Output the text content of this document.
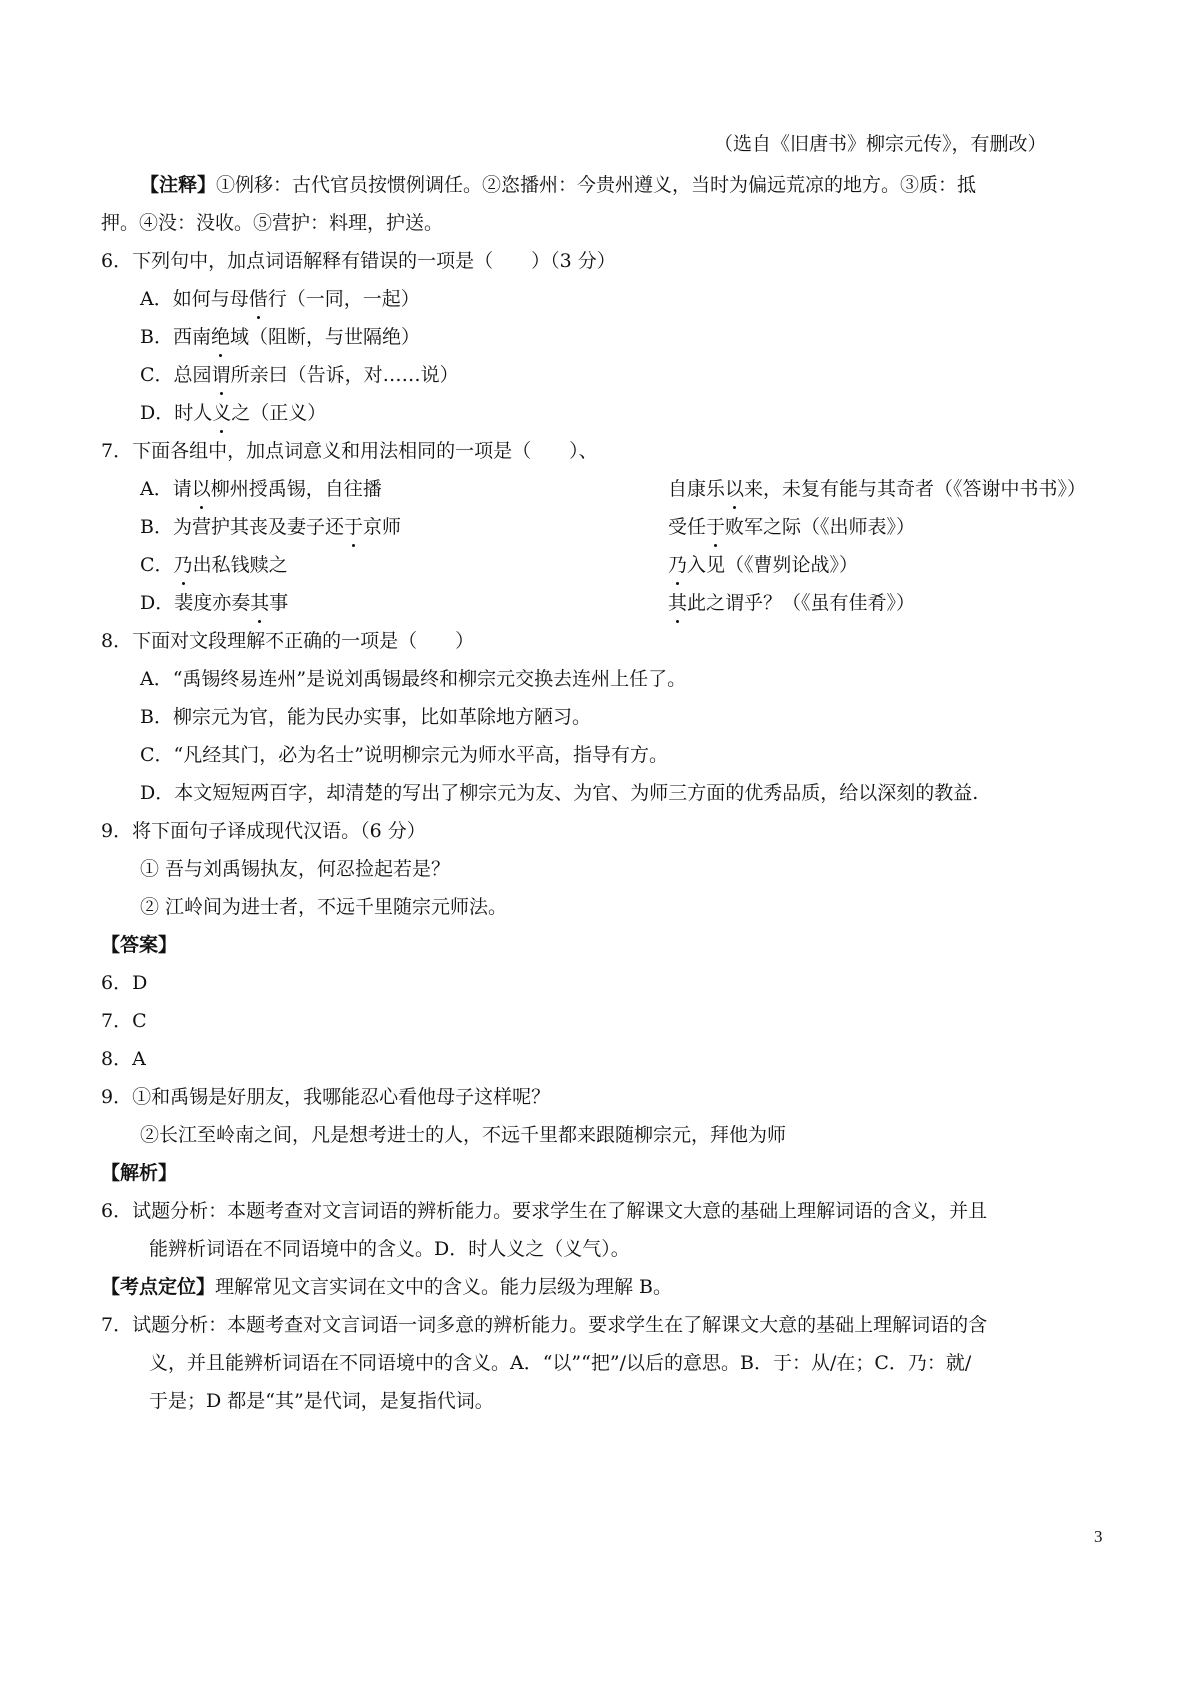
（选自《旧唐书》柳宗元传》，有删改）
【注释】①例移：古代官员按惯例调任。②恣播州：今贵州遵义，当时为偏远荒凉的地方。③质：抵
押。④没：没收。⑤营护：料理，护送。
6．下列句中，加点词语解释有错误的一项是（　　）（3 分）
A．如何与母偕行（一同，一起）
B．西南绝域（阻断，与世隔绝）
C．总园谓所亲曰（告诉，对……说）
D．时人义之（正义）
7．下面各组中，加点词意义和用法相同的一项是（　　）、
A．请以柳州授禹锡，自往播	自康乐以来，未复有能与其奇者（《答谢中书书》）
B．为营护其丧及妻子还于京师	受任于败军之际（《出师表》）
C．乃出私钱赎之	乃入见（《曹刿论战》）
D．裴度亦奏其事	其此之谓乎？（《虽有佳肴》）
8．下面对文段理解不正确的一项是（　　）
A．“禹锡终易连州”是说刘禹锡最终和柳宗元交换去连州上任了。
B．柳宗元为官，能为民办实事，比如革除地方陋习。
C．“凡经其门，必为名士”说明柳宗元为师水平高，指导有方。
D．本文短短两百字，却清楚的写出了柳宗元为友、为官、为师三方面的优秀品质，给以深刻的教益.
9．将下面句子译成现代汉语。（6 分）
① 吾与刘禹锡执友，何忍捡起若是？
② 江岭间为进士者，不远千里随宗元师法。
【答案】
6．D
7．C
8．A
9．①和禹锡是好朋友，我哪能忍心看他母子这样呢？
②长江至岭南之间，凡是想考进士的人，不远千里都来跟随柳宗元，拜他为师
【解析】
6．试题分析：本题考查对文言词语的辨析能力。要求学生在了解课文大意的基础上理解词语的含义，并且
能辨析词语在不同语境中的含义。D．时人义之（义气）。
【考点定位】理解常见文言实词在文中的含义。能力层级为理解 B。
7．试题分析：本题考查对文言词语一词多意的辨析能力。要求学生在了解课文大意的基础上理解词语的含
义，并且能辨析词语在不同语境中的含义。A．“以”“把”/以后的意思。B．于：从/在；C．乃：就/
于是；D 都是“其”是代词，是复指代词。
3
